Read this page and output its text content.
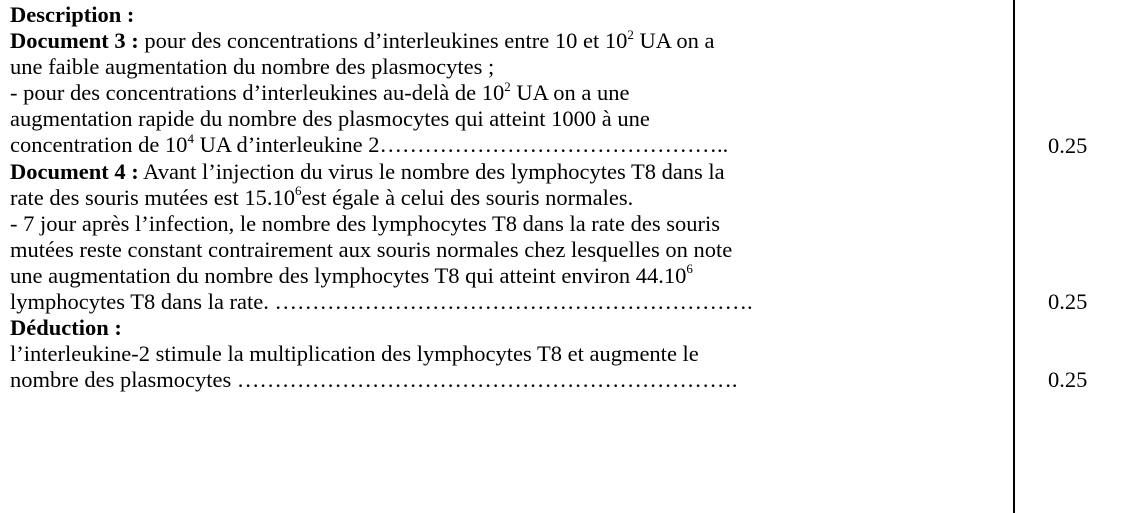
Description :
Document 3 : pour des concentrations d’interleukines entre 10 et $10^2$ UA on a
une faible augmentation du nombre des plasmocytes ;
- pour des concentrations d’interleukines au-delà de $10^2$ UA on a une
augmentation rapide du nombre des plasmocytes qui atteint 1000 à une
concentration de $10^4$ UA d’interleukine 2………………………………………..
Document 4 : Avant l’injection du virus le nombre des lymphocytes T8 dans la
rate des souris mutées est 15.10$^6$est égale à celui des souris normales.
- 7 jour après l’infection, le nombre des lymphocytes T8 dans la rate des souris
mutées reste constant contrairement aux souris normales chez lesquelles on note
une augmentation du nombre des lymphocytes T8 qui atteint environ 44.10$^6$
lymphocytes T8 dans la rate. ……………………………………………………….
Déduction :
l’interleukine-2 stimule la multiplication des lymphocytes T8 et augmente le
nombre des plasmocytes ………………………………………………………….
0.25
0.25
0.25
